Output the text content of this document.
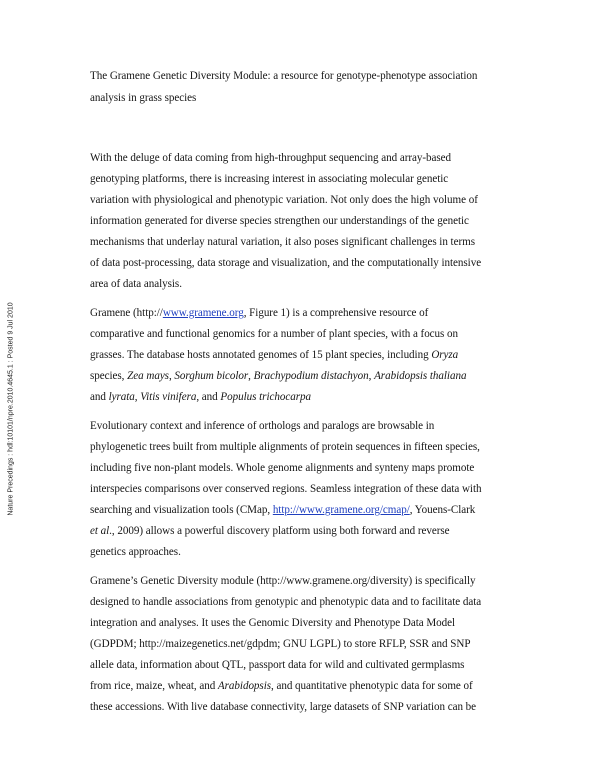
Nature Precedings : hdl:10101/npre.2010.4645.1 : Posted 9 Jul 2010
The Gramene Genetic Diversity Module: a resource for genotype-phenotype association
analysis in grass species
With the deluge of data coming from high-throughput sequencing and array-based
genotyping platforms, there is increasing interest in associating molecular genetic
variation with physiological and phenotypic variation. Not only does the high volume of
information generated for diverse species strengthen our understandings of the genetic
mechanisms that underlay natural variation, it also poses significant challenges in terms
of data post-processing, data storage and visualization, and the computationally intensive
area of data analysis.
Gramene (http://www.gramene.org, Figure 1) is a comprehensive resource of
comparative and functional genomics for a number of plant species, with a focus on
grasses. The database hosts annotated genomes of 15 plant species, including Oryza
species, Zea mays, Sorghum bicolor, Brachypodium distachyon, Arabidopsis thaliana
and lyrata, Vitis vinifera, and Populus trichocarpa
Evolutionary context and inference of orthologs and paralogs are browsable in
phylogenetic trees built from multiple alignments of protein sequences in fifteen species,
including five non-plant models. Whole genome alignments and synteny maps promote
interspecies comparisons over conserved regions. Seamless integration of these data with
searching and visualization tools (CMap, http://www.gramene.org/cmap/, Youens-Clark
et al., 2009) allows a powerful discovery platform using both forward and reverse
genetics approaches.
Gramene’s Genetic Diversity module (http://www.gramene.org/diversity) is specifically
designed to handle associations from genotypic and phenotypic data and to facilitate data
integration and analyses. It uses the Genomic Diversity and Phenotype Data Model
(GDPDM; http://maizegenetics.net/gdpdm; GNU LGPL) to store RFLP, SSR and SNP
allele data, information about QTL, passport data for wild and cultivated germplasms
from rice, maize, wheat, and Arabidopsis, and quantitative phenotypic data for some of
these accessions. With live database connectivity, large datasets of SNP variation can be
